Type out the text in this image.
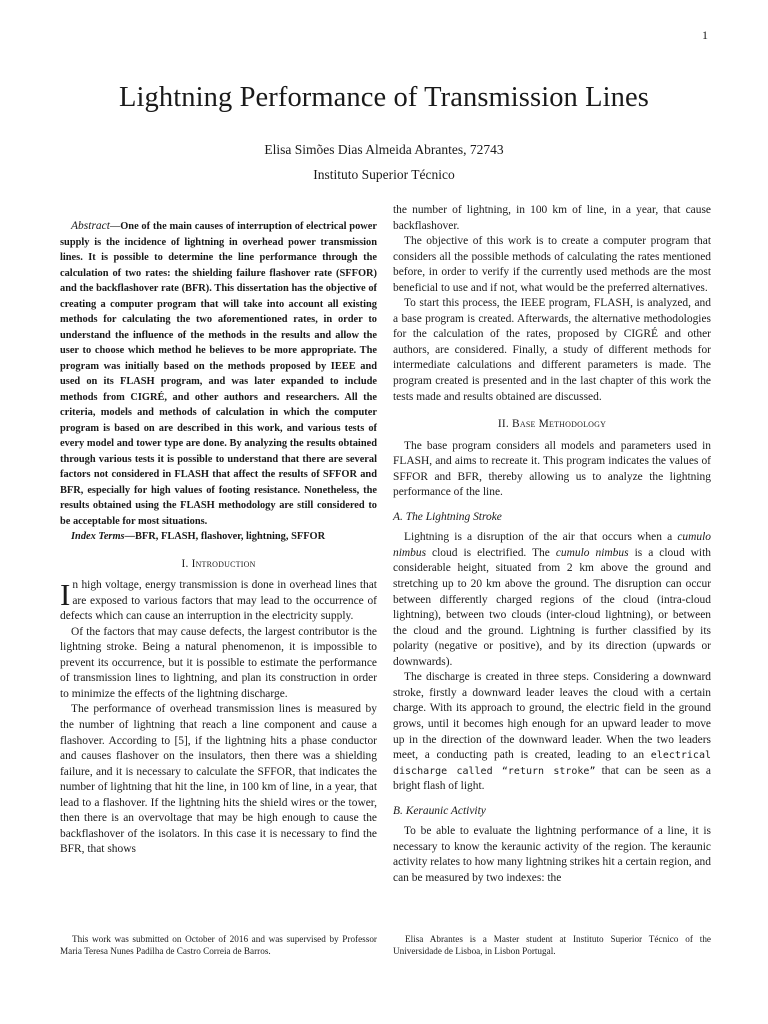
1
Lightning Performance of Transmission Lines
Elisa Simões Dias Almeida Abrantes, 72743
Instituto Superior Técnico

Abstract—One of the main causes of interruption of electrical power supply is the incidence of lightning in overhead power transmission lines. It is possible to determine the line performance through the calculation of two rates: the shielding failure flashover rate (SFFOR) and the backflashover rate (BFR). This dissertation has the objective of creating a computer program that will take into account all existing methods for calculating the two aforementioned rates, in order to understand the influence of the methods in the results and allow the user to choose which method he believes to be more appropriate. The program was initially based on the methods proposed by IEEE and used on its FLASH program, and was later expanded to include methods from CIGRÉ, and other authors and researchers. All the criteria, models and methods of calculation in which the computer program is based on are described in this work, and various tests of every model and tower type are done. By analyzing the results obtained through various tests it is possible to understand that there are several factors not considered in FLASH that affect the results of SFFOR and BFR, especially for high values of footing resistance. Nonetheless, the results obtained using the FLASH methodology are still considered to be acceptable for most situations.

Index Terms—BFR, FLASH, flashover, lightning, SFFOR

I. Introduction

In high voltage, energy transmission is done in overhead lines that are exposed to various factors that may lead to the occurrence of defects which can cause an interruption in the electricity supply.

Of the factors that may cause defects, the largest contributor is the lightning stroke. Being a natural phenomenon, it is impossible to prevent its occurrence, but it is possible to estimate the performance of transmission lines to lightning, and plan its construction in order to minimize the effects of the lightning discharge.

The performance of overhead transmission lines is measured by the number of lightning that reach a line component and cause a flashover. According to [5], if the lightning hits a phase conductor and causes flashover on the insulators, then there was a shielding failure, and it is necessary to calculate the SFFOR, that indicates the number of lightning that hit the line, in 100 km of line, in a year, that lead to a flashover. If the lightning hits the shield wires or the tower, then there is an overvoltage that may be high enough to cause the backflashover of the isolators. In this case it is necessary to find the BFR, that shows

the number of lightning, in 100 km of line, in a year, that cause backflashover.

The objective of this work is to create a computer program that considers all the possible methods of calculating the rates mentioned before, in order to verify if the currently used methods are the most beneficial to use and if not, what would be the preferred alternatives.

To start this process, the IEEE program, FLASH, is analyzed, and a base program is created. Afterwards, the alternative methodologies for the calculation of the rates, proposed by CIGRÉ and other authors, are considered. Finally, a study of different methods for intermediate calculations and different parameters is made. The program created is presented and in the last chapter of this work the tests made and results obtained are discussed.

II. Base Methodology

The base program considers all models and parameters used in FLASH, and aims to recreate it. This program indicates the values of SFFOR and BFR, thereby allowing us to analyze the lightning performance of the line.

A. The Lightning Stroke

Lightning is a disruption of the air that occurs when a cumulo nimbus cloud is electrified. The cumulo nimbus is a cloud with considerable height, situated from 2 km above the ground and stretching up to 20 km above the ground. The disruption can occur between differently charged regions of the cloud (intra-cloud lightning), between two clouds (inter-cloud lightning), or between the cloud and the ground. Lightning is further classified by its polarity (negative or positive), and by its direction (upwards or downwards).

The discharge is created in three steps. Considering a downward stroke, firstly a downward leader leaves the cloud with a certain charge. With its approach to ground, the electric field in the ground grows, until it becomes high enough for an upward leader to move up in the direction of the downward leader. When the two leaders meet, a conducting path is created, leading to an electrical discharge called “return stroke” that can be seen as a bright flash of light.

B. Keraunic Activity

To be able to evaluate the lightning performance of a line, it is necessary to know the keraunic activity of the region. The keraunic activity relates to how many lightning strikes hit a certain region, and can be measured by two indexes: the

This work was submitted on October of 2016 and was supervised by Professor Maria Teresa Nunes Padilha de Castro Correia de Barros.

Elisa Abrantes is a Master student at Instituto Superior Técnico of the Universidade de Lisboa, in Lisbon Portugal.
